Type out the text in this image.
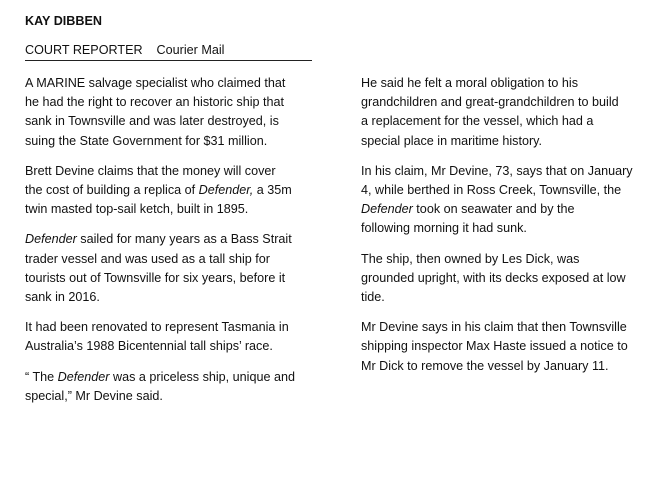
KAY DIBBEN

COURT REPORTER    Courier Mail

A MARINE salvage specialist who claimed that
he had the right to recover an historic ship that
sank in Townsville and was later destroyed, is
suing the State Government for $31 million.

Brett Devine claims that the money will cover
the cost of building a replica of Defender, a 35m
twin masted top-sail ketch, built in 1895.

Defender sailed for many years as a Bass Strait
trader vessel and was used as a tall ship for
tourists out of Townsville for six years, before it
sank in 2016.

It had been renovated to represent Tasmania in
Australia’s 1988 Bicentennial tall ships’ race.

“ The Defender was a priceless ship, unique and
special,” Mr Devine said.

He said he felt a moral obligation to his
grandchildren and great-grandchildren to build
a replacement for the vessel, which had a
special place in maritime history.

In his claim, Mr Devine, 73, says that on January
4, while berthed in Ross Creek, Townsville, the
Defender took on seawater and by the
following morning it had sunk.

The ship, then owned by Les Dick, was
grounded upright, with its decks exposed at low
tide.

Mr Devine says in his claim that then Townsville
shipping inspector Max Haste issued a notice to
Mr Dick to remove the vessel by January 11.
